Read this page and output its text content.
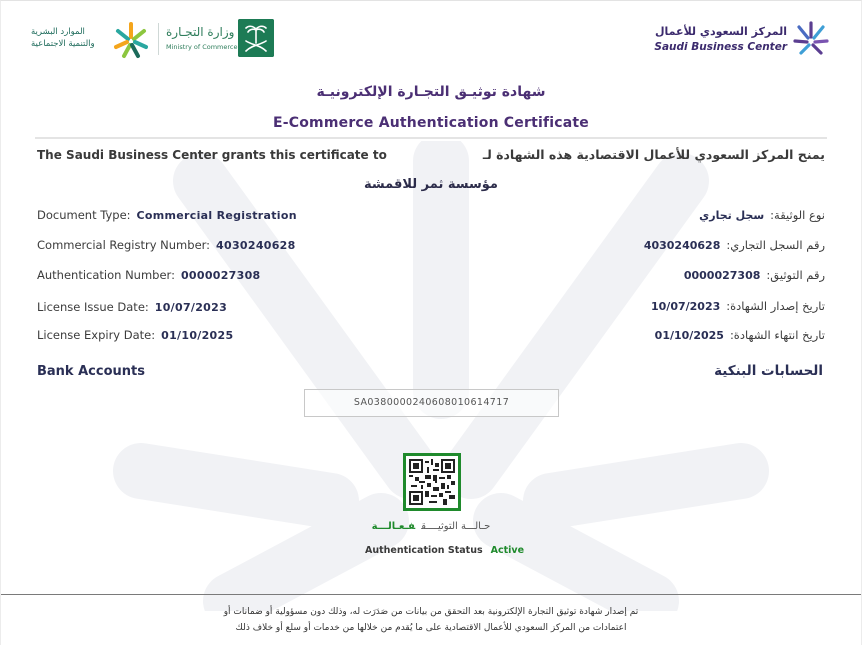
المركز السعودي للأعمال
Saudi Business Center
الموارد البشرية
والتنمية الاجتماعية
وزارة التجـارة
Ministry of Commerce
شهادة توثيـق التجـارة الإلكترونيـة
E-Commerce Authentication Certificate
The Saudi Business Center grants this certificate to	يمنح المركز السعودي للأعمال الاقتصادية هذه الشهادة لـ
مؤسسة ثمر للاقمشة
Document Type: Commercial Registration
Commercial Registry Number: 4030240628
Authentication Number: 0000027308
License Issue Date: 10/07/2023
License Expiry Date: 01/10/2025
نوع الوثيقة:سجل تجاري
رقم السجل التجاري:4030240628
رقم التوثيق:0000027308
تاريخ إصدار الشهادة:10/07/2023
تاريخ انتهاء الشهادة:01/10/2025
Bank Accounts	الحسابات البنكية
SA0380000240608010614717
حـالـــة التوثيــــقفـعـالـــة
Authentication Status Active
تم إصدار شهادة توثيق التجارة الإلكترونية بعد التحقق من بيانات من صَدَرَت له، وذلك دون مسؤولية أو ضمانات أو
اعتمادات من المركز السعودي للأعمال الاقتصادية على ما يُقدم من خلالها من خدمات أو سلع أو خلاف ذلك
